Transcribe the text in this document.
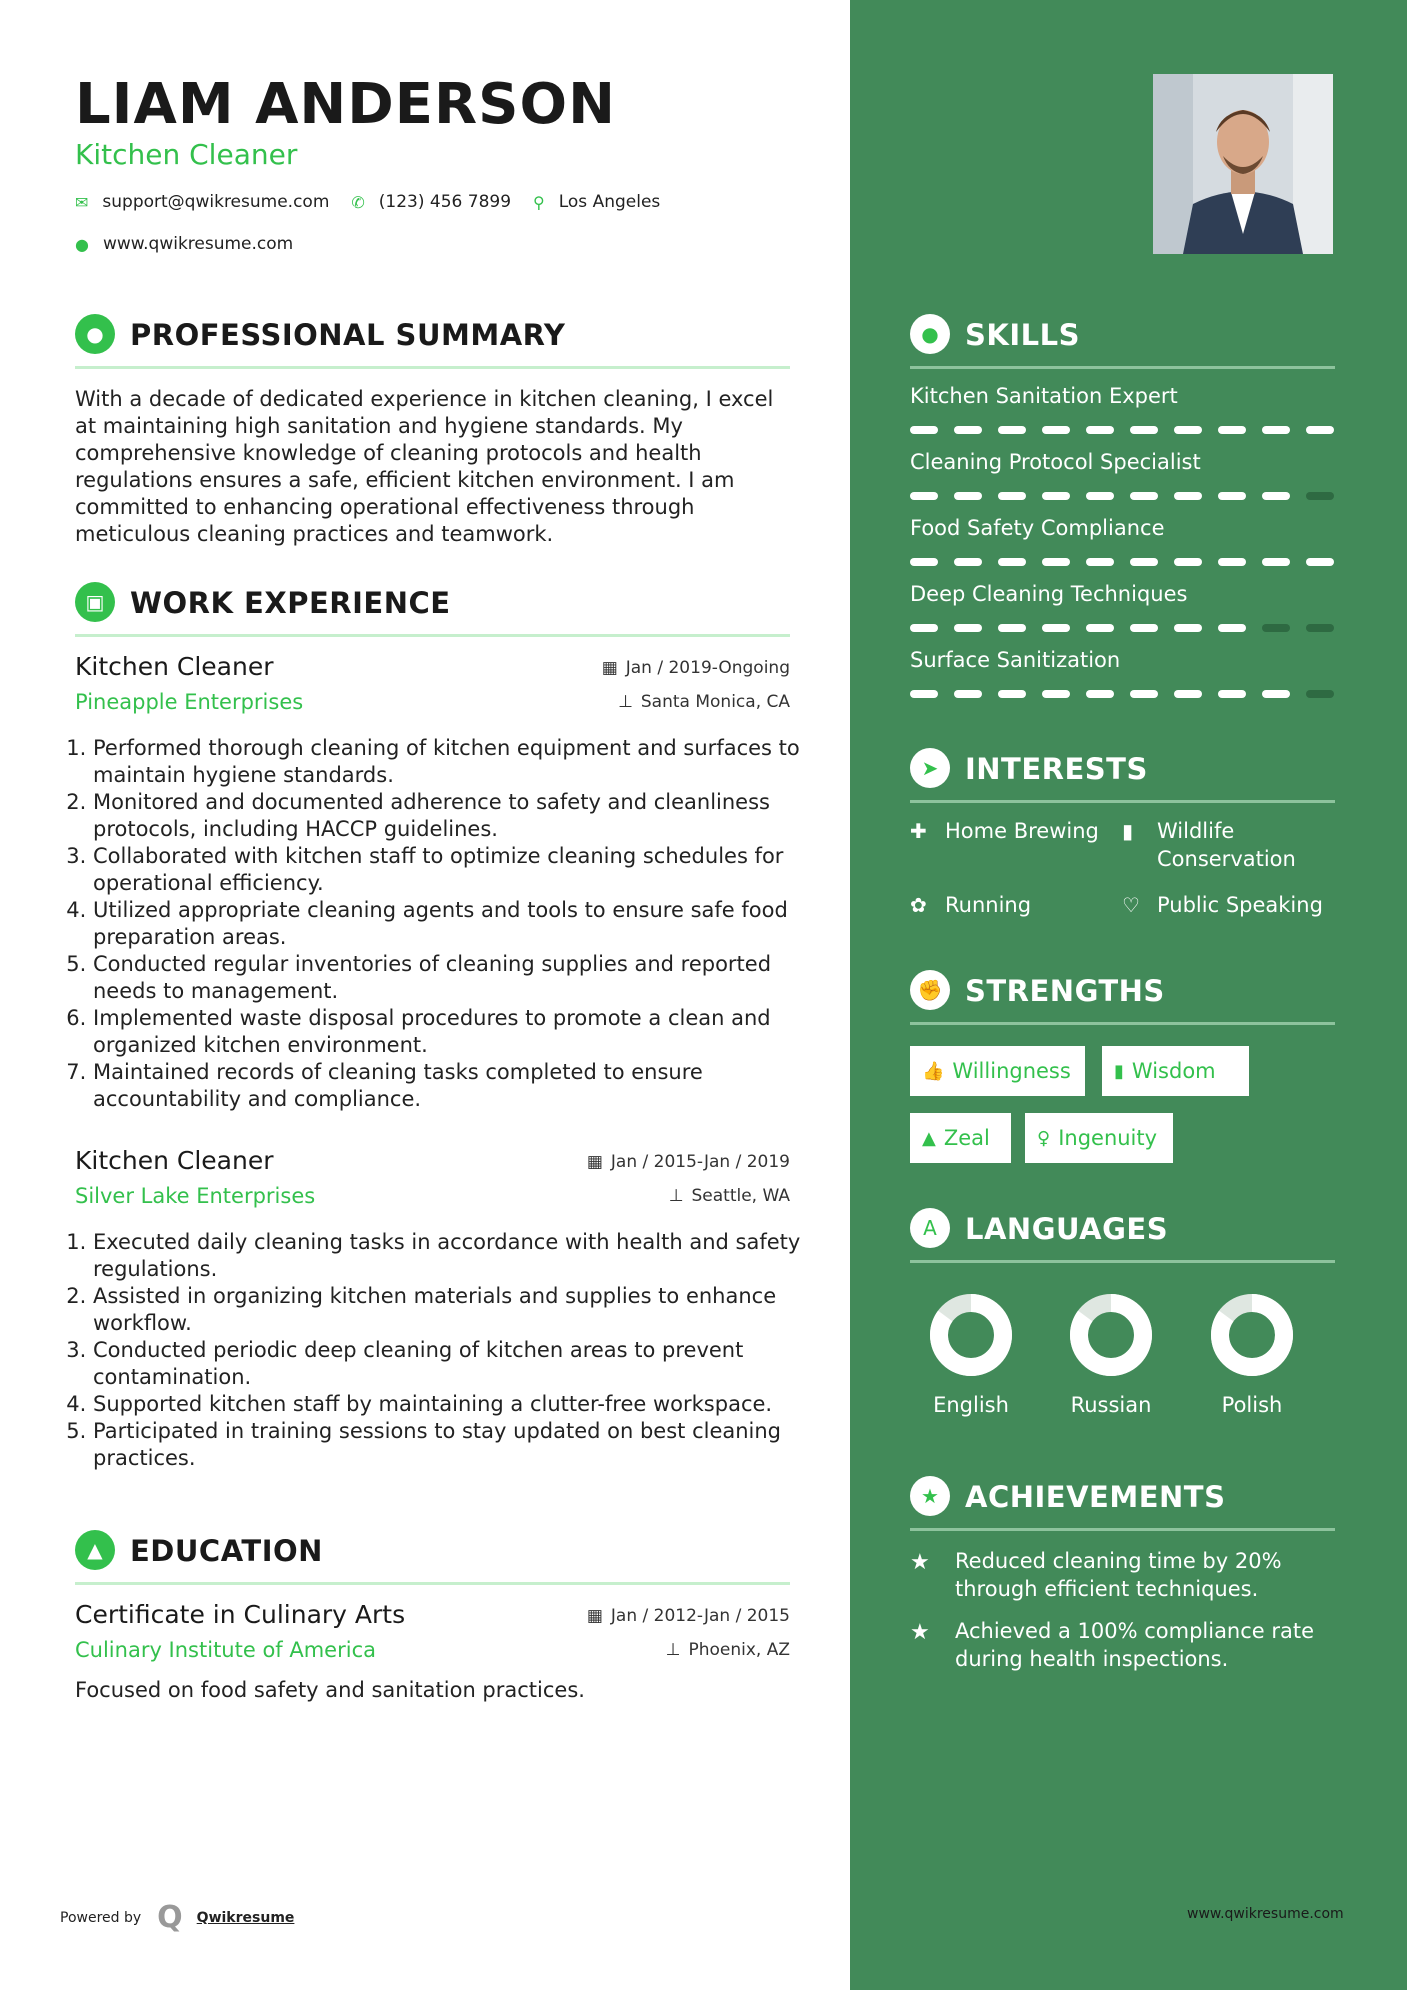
LIAM ANDERSON
Kitchen Cleaner
✉ support@qwikresume.com ✆ (123) 456 7899 ⚲ Los Angeles
● www.qwikresume.com
● PROFESSIONAL SUMMARY
With a decade of dedicated experience in kitchen cleaning, I excel at maintaining high sanitation and hygiene standards. My comprehensive knowledge of cleaning protocols and health regulations ensures a safe, efficient kitchen environment. I am committed to enhancing operational effectiveness through meticulous cleaning practices and teamwork.
▣ WORK EXPERIENCE
Kitchen Cleaner
Pineapple Enterprises
▦ Jan / 2019-Ongoing
⊥ Santa Monica, CA
1. Performed thorough cleaning of kitchen equipment and surfaces to maintain hygiene standards.
2. Monitored and documented adherence to safety and cleanliness protocols, including HACCP guidelines.
3. Collaborated with kitchen staff to optimize cleaning schedules for operational efficiency.
4. Utilized appropriate cleaning agents and tools to ensure safe food preparation areas.
5. Conducted regular inventories of cleaning supplies and reported needs to management.
6. Implemented waste disposal procedures to promote a clean and organized kitchen environment.
7. Maintained records of cleaning tasks completed to ensure accountability and compliance.
Kitchen Cleaner
Silver Lake Enterprises
▦ Jan / 2015-Jan / 2019
⊥ Seattle, WA
1. Executed daily cleaning tasks in accordance with health and safety regulations.
2. Assisted in organizing kitchen materials and supplies to enhance workflow.
3. Conducted periodic deep cleaning of kitchen areas to prevent contamination.
4. Supported kitchen staff by maintaining a clutter-free workspace.
5. Participated in training sessions to stay updated on best cleaning practices.
▲ EDUCATION
Certificate in Culinary Arts
Culinary Institute of America
▦ Jan / 2012-Jan / 2015
⊥ Phoenix, AZ
Focused on food safety and sanitation practices.
● SKILLS
Kitchen Sanitation Expert
Cleaning Protocol Specialist
Food Safety Compliance
Deep Cleaning Techniques
Surface Sanitization
➤ INTERESTS
✚ Home Brewing	▮ Wildlife Conservation
✿ Running	♡ Public Speaking
✊ STRENGTHS
👍 Willingness ▮ Wisdom
▲ Zeal	♀ Ingenuity
A LANGUAGES
English	Russian	Polish
★ ACHIEVEMENTS
★ Reduced cleaning time by 20% through efficient techniques.
★ Achieved a 100% compliance rate during health inspections.
Powered by Q Qwikresume	www.qwikresume.com
